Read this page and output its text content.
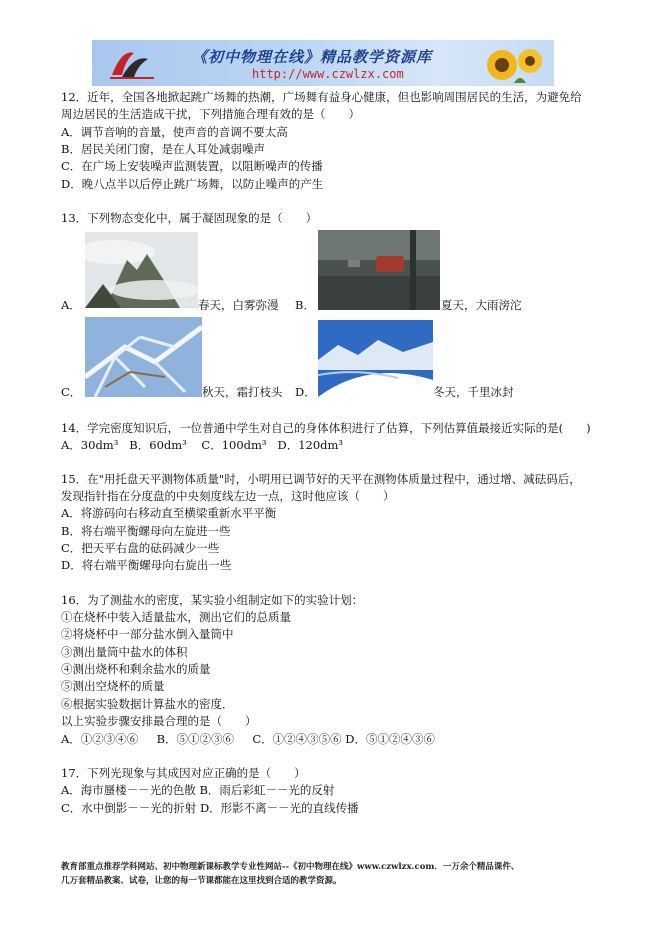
《初中物理在线》精品教学资源库
http://www.czwlzx.com
12．近年，全国各地掀起跳广场舞的热潮，广场舞有益身心健康，但也影响周围居民的生活，为避免给
周边居民的生活造成干扰，下列措施合理有效的是（　　）
A．调节音响的音量，使声音的音调不要太高
B．居民关闭门窗，是在人耳处减弱噪声
C．在广场上安装噪声监测装置，以阻断噪声的传播
D．晚八点半以后停止跳广场舞，以防止噪声的产生
13．下列物态变化中，属于凝固现象的是（　　）
A．	春天，白雾弥漫 B．	夏天，大雨滂沱
C．	秋天，霜打枝头 D．	冬天，千里冰封
14．学完密度知识后，一位普通中学生对自己的身体体积进行了估算，下列估算值最接近实际的是(　　)
A．30dm³ B．60dm³ C．100dm³ D．120dm³
15．在"用托盘天平测物体质量"时，小明用已调节好的天平在测物体质量过程中，通过增、减砝码后，
发现指针指在分度盘的中央刻度线左边一点，这时他应该（　　）
A．将游码向右移动直至横梁重新水平平衡
B．将右端平衡螺母向左旋进一些
C．把天平右盘的砝码减少一些
D．将右端平衡螺母向右旋出一些
16．为了测盐水的密度，某实验小组制定如下的实验计划：
①在烧杯中装入适量盐水，测出它们的总质量
②将烧杯中一部分盐水倒入量筒中
③测出量筒中盐水的体积
④测出烧杯和剩余盐水的质量
⑤测出空烧杯的质量
⑥根据实验数据计算盐水的密度．
以上实验步骤安排最合理的是（　　）
A．①②③④⑥ B．⑤①②③⑥ C．①②④③⑤⑥ D．⑤①②④③⑥
17．下列光现象与其成因对应正确的是（　　）
A．海市蜃楼－－光的色散 B．雨后彩虹－－光的反射
C．水中倒影－－光的折射 D．形影不离－－光的直线传播
教育部重点推荐学科网站、初中物理新课标教学专业性网站--《初中物理在线》www.czwlzx.com．一万余个精品课件、
几万套精品教案、试卷，让您的每一节课都能在这里找到合适的教学资源。
